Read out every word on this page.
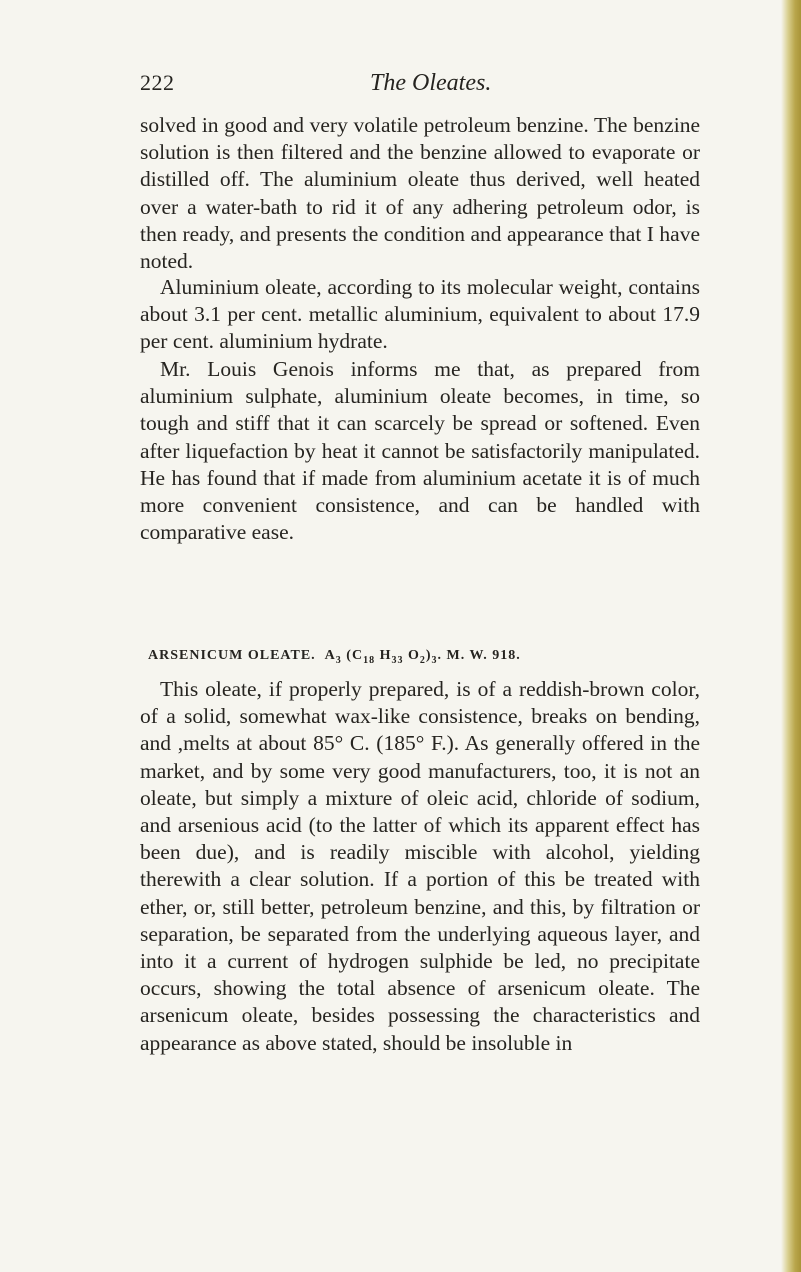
222	The Oleates.

solved in good and very volatile petroleum benzine. The benzine solution is then filtered and the benzine allowed to evaporate or distilled off. The aluminium oleate thus derived, well heated over a water-bath to rid it of any adhering petroleum odor, is then ready, and presents the condition and appearance that I have noted.

Aluminium oleate, according to its molecular weight, contains about 3.1 per cent. metallic aluminium, equivalent to about 17.9 per cent. aluminium hydrate.

Mr. Louis Genois informs me that, as prepared from aluminium sulphate, aluminium oleate becomes, in time, so tough and stiff that it can scarcely be spread or softened. Even after liquefaction by heat it cannot be satisfactorily manipulated. He has found that if made from aluminium acetate it is of much more convenient consistence, and can be handled with comparative ease.

ARSENICUM OLEATE. $A_3$ ($C_{18}$ $H_{33}$ $O_2)_3$. M. W. 918.

This oleate, if properly prepared, is of a reddish-brown color, of a solid, somewhat wax-like consistence, breaks on bending, and ,melts at about 85° C. (185° F.). As generally offered in the market, and by some very good manufacturers, too, it is not an oleate, but simply a mixture of oleic acid, chloride of sodium, and arsenious acid (to the latter of which its apparent effect has been due), and is readily miscible with alcohol, yielding therewith a clear solution. If a portion of this be treated with ether, or, still better, petroleum benzine, and this, by filtration or separation, be separated from the underlying aqueous layer, and into it a current of hydrogen sulphide be led, no precipitate occurs, showing the total absence of arsenicum oleate. The arsenicum oleate, besides possessing the characteristics and appearance as above stated, should be insoluble in
